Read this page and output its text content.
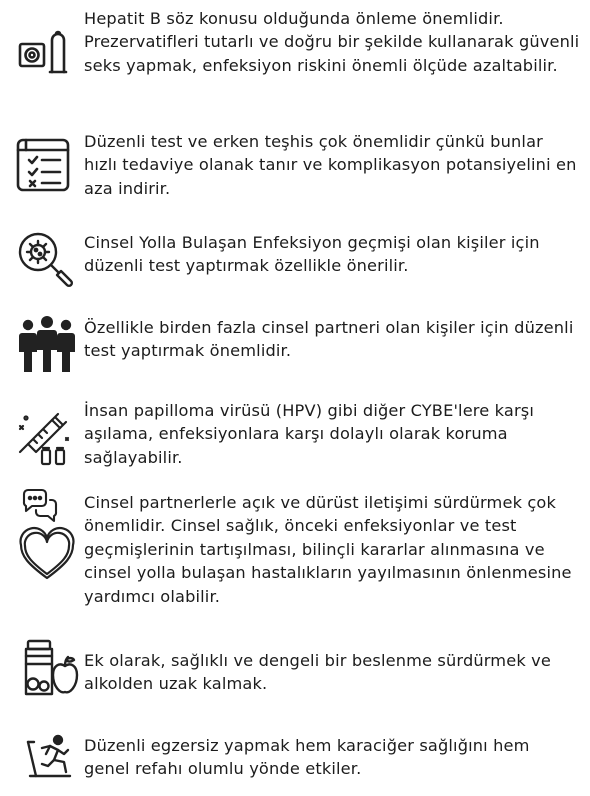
Hepatit B söz konusu olduğunda önleme önemlidir. Prezervatifleri tutarlı ve doğru bir şekilde kullanarak güvenli seks yapmak, enfeksiyon riskini önemli ölçüde azaltabilir.

Düzenli test ve erken teşhis çok önemlidir çünkü bunlar hızlı tedaviye olanak tanır ve komplikasyon potansiyelini en aza indirir.

Cinsel Yolla Bulaşan Enfeksiyon geçmişi olan kişiler için düzenli test yaptırmak özellikle önerilir.

Özellikle birden fazla cinsel partneri olan kişiler için düzenli test yaptırmak önemlidir.

İnsan papilloma virüsü (HPV) gibi diğer CYBE'lere karşı aşılama, enfeksiyonlara karşı dolaylı olarak koruma sağlayabilir.

Cinsel partnerlerle açık ve dürüst iletişimi sürdürmek çok önemlidir. Cinsel sağlık, önceki enfeksiyonlar ve test geçmişlerinin tartışılması, bilinçli kararlar alınmasına ve cinsel yolla bulaşan hastalıkların yayılmasının önlenmesine yardımcı olabilir.

Ek olarak, sağlıklı ve dengeli bir beslenme sürdürmek ve alkolden uzak kalmak.

Düzenli egzersiz yapmak hem karaciğer sağlığını hem genel refahı olumlu yönde etkiler.
